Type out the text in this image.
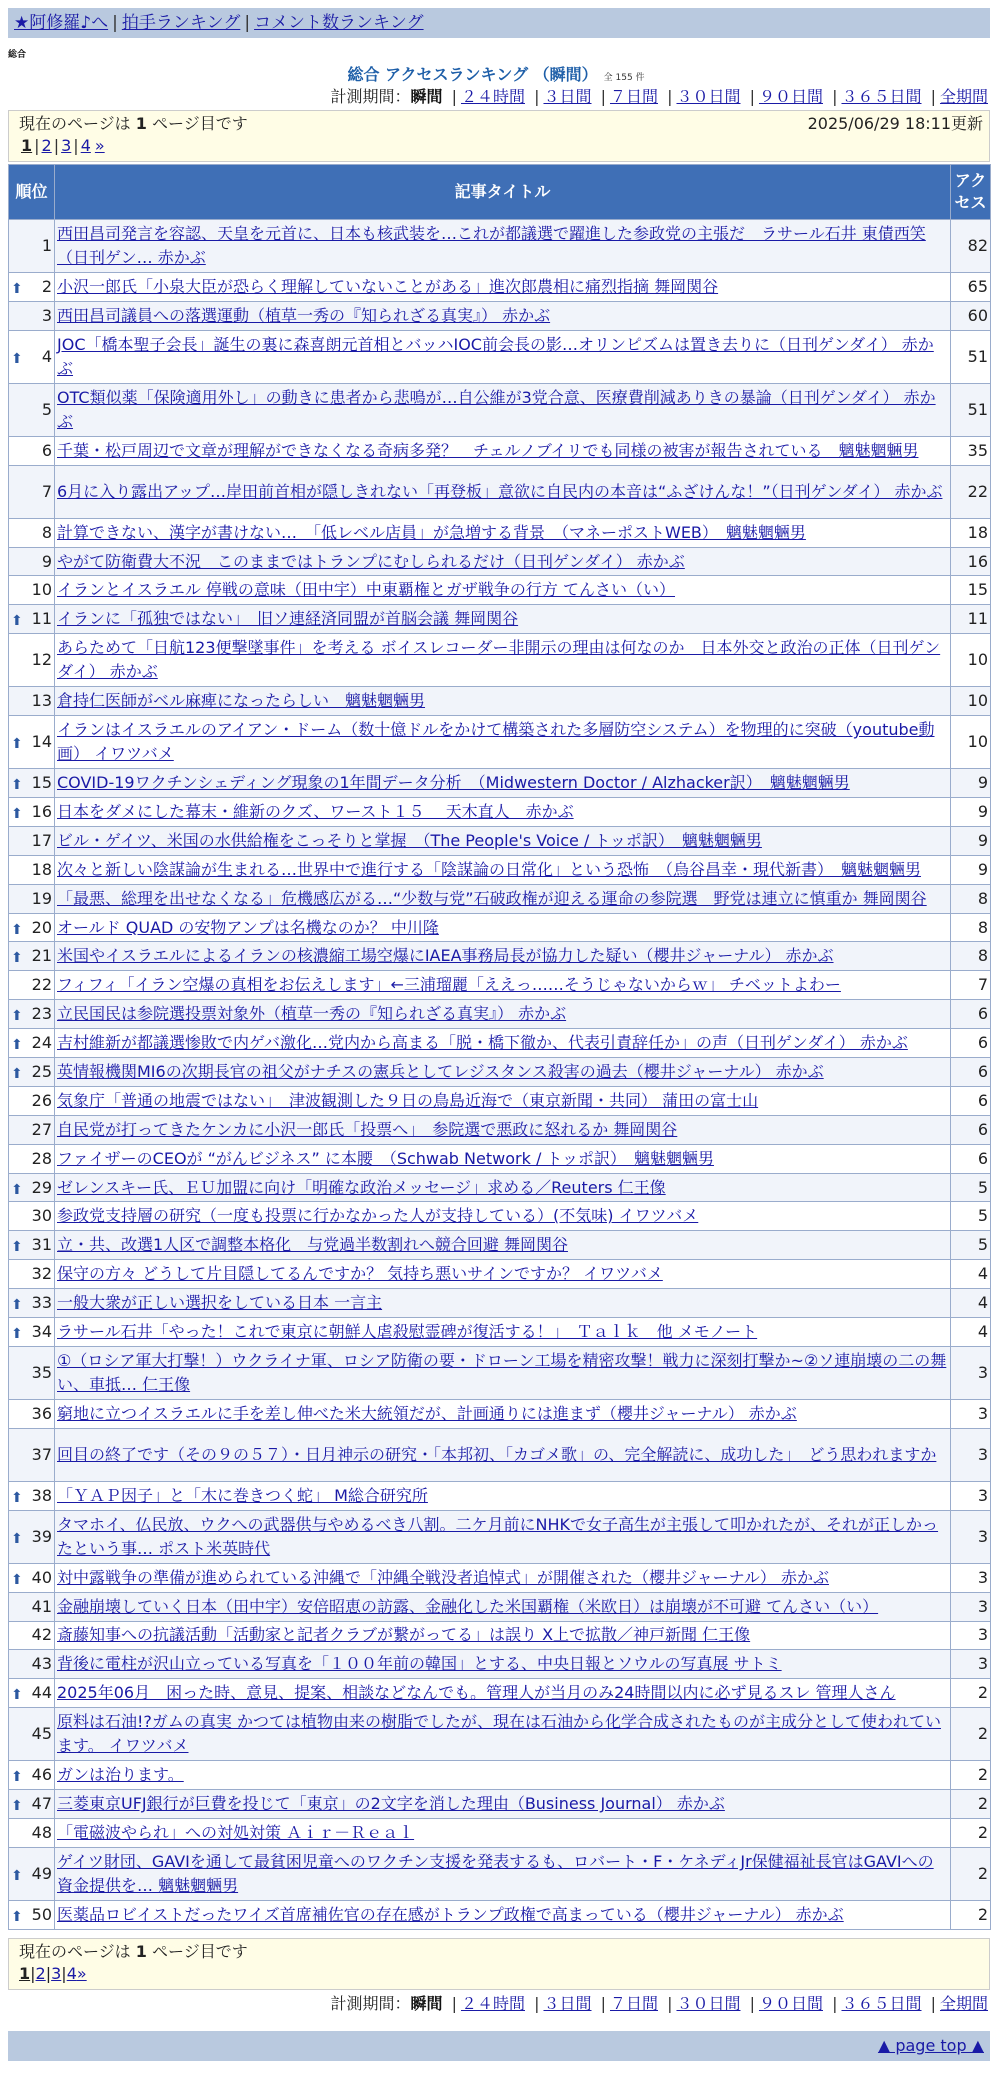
★阿修羅♪へ | 拍手ランキング | コメント数ランキング
総合
総合 アクセスランキング （瞬間） 全 155 件
計測期間：瞬間 | ２４時間 | ３日間 | ７日間 | ３０日間 | ９０日間 | ３６５日間 | 全期間
現在のページは 1 ページ目です	2025/06/29 18:11更新
1 | 2 | 3 | 4 »
順位	記事タイトル	アクセス
1	西田昌司発言を容認、天皇を元首に、日本も核武装を…これが都議選で躍進した参政党の主張だ　ラサール石井 東債西笑（日刊ゲン… 赤かぶ	82

⬆ 2	小沢一郎氏「小泉大臣が恐らく理解していないことがある」進次郎農相に痛烈指摘 舞岡関谷	65
3	西田昌司議員への落選運動（植草一秀の『知られざる真実』） 赤かぶ	60

⬆ 4	JOC「橋本聖子会長」誕生の裏に森喜朗元首相とバッハIOC前会長の影…オリンピズムは置き去りに（日刊ゲンダイ） 赤かぶ	51
5	OTC類似薬「保険適用外し」の動きに患者から悲鳴が…自公維が3党合意、医療費削減ありきの暴論（日刊ゲンダイ） 赤かぶ	51
6	千葉・松戸周辺で文章が理解ができなくなる奇病多発？　チェルノブイリでも同様の被害が報告されている　魑魅魍魎男	35
7	6月に入り露出アップ…岸田前首相が隠しきれない「再登板」意欲に自民内の本音は“ふざけんな！”（日刊ゲンダイ） 赤かぶ	22
8	計算できない、漢字が書けない…　「低レベル店員」が急増する背景　（マネーポストWEB）　魑魅魍魎男	18
9	やがて防衛費大不況　このままではトランプにむしられるだけ（日刊ゲンダイ） 赤かぶ	16
10	イランとイスラエル 停戦の意味（田中宇）中東覇権とガザ戦争の行方 てんさい（い）	15

⬆ 11	イランに「孤独ではない」　旧ソ連経済同盟が首脳会議 舞岡関谷	11
12	あらためて「日航123便撃墜事件」を考える ボイスレコーダー非開示の理由は何なのか　日本外交と政治の正体（日刊ゲンダイ） 赤かぶ	10
13	倉持仁医師がベル麻痺になったらしい　魑魅魍魎男	10

⬆ 14	イランはイスラエルのアイアン・ドーム（数十億ドルをかけて構築された多層防空システム）を物理的に突破（youtube動画） イワツバメ	10

⬆ 15	COVID-19ワクチンシェディング現象の1年間データ分析　（Midwestern Doctor / Alzhacker訳）　魑魅魍魎男	9

⬆ 16	日本をダメにした幕末・維新のクズ、ワースト１５　 天木直人　赤かぶ	9
17	ビル・ゲイツ、米国の水供給権をこっそりと掌握　（The People's Voice / トッポ訳）　魑魅魍魎男	9
18	次々と新しい陰謀論が生まれる…世界中で進行する「陰謀論の日常化」という恐怖　（烏谷昌幸・現代新書）　魑魅魍魎男	9
19	「最悪、総理を出せなくなる」危機感広がる…“少数与党”石破政権が迎える運命の参院選　野党は連立に慎重か 舞岡関谷	8

⬆ 20	オールド QUAD の安物アンプは名機なのか？ 中川隆	8

⬆ 21	米国やイスラエルによるイランの核濃縮工場空爆にIAEA事務局長が協力した疑い（櫻井ジャーナル） 赤かぶ	8
22	フィフィ「イラン空爆の真相をお伝えします」←三浦瑠麗「ええっ……そうじゃないからｗ」 チベットよわー	7

⬆ 23	立民国民は参院選投票対象外（植草一秀の『知られざる真実』） 赤かぶ	6

⬆ 24	吉村維新が都議選惨敗で内ゲバ激化…党内から高まる「脱・橋下徹か、代表引責辞任か」の声（日刊ゲンダイ） 赤かぶ	6

⬆ 25	英情報機関MI6の次期長官の祖父がナチスの憲兵としてレジスタンス殺害の過去（櫻井ジャーナル） 赤かぶ	6
26	気象庁「普通の地震ではない」　津波観測した９日の鳥島近海で（東京新聞・共同） 蒲田の富士山	6
27	自民党が打ってきたケンカに小沢一郎氏「投票へ」　参院選で悪政に怒れるか 舞岡関谷	6
28	ファイザーのCEOが “がんビジネス” に本腰　（Schwab Network / トッポ訳）　魑魅魍魎男	6

⬆ 29	ゼレンスキー氏、ＥＵ加盟に向け「明確な政治メッセージ」求める／Reuters 仁王像	5
30	参政党支持層の研究（一度も投票に行かなかった人が支持している）(不気味) イワツバメ	5

⬆ 31	立・共、改選1人区で調整本格化　与党過半数割れへ競合回避 舞岡関谷	5
32	保守の方々 どうして片目隠してるんですか？ 気持ち悪いサインですか？ イワツバメ	4

⬆ 33	一般大衆が正しい選択をしている日本 一言主	4

⬆ 34	ラサール石井「やった！これで東京に朝鮮人虐殺慰霊碑が復活する！」　Ｔａｌｋ　他 メモノート	4
35	①（ロシア軍大打撃！）ウクライナ軍、ロシア防衛の要・ドローン工場を精密攻撃！戦力に深刻打撃か~②ソ連崩壊の二の舞い、車抵… 仁王像	3
36	窮地に立つイスラエルに手を差し伸べた米大統領だが、計画通りには進まず（櫻井ジャーナル） 赤かぶ	3
37	回目の終了です（その９の５７）・日月神示の研究・「本邦初、「カゴメ歌」の、完全解読に、成功した」　どう思われますか	3

⬆ 38	「ＹＡＰ因子」と「木に巻きつく蛇」 M総合研究所	3

⬆ 39	タマホイ、仏民放、ウクへの武器供与やめるべき八割。二ケ月前にNHKで女子高生が主張して叩かれたが、それが正しかったという事… ポスト米英時代	3

⬆ 40	対中露戦争の準備が進められている沖縄で「沖縄全戦没者追悼式」が開催された（櫻井ジャーナル） 赤かぶ	3
41	金融崩壊していく日本（田中宇）安倍昭恵の訪露、金融化した米国覇権（米欧日）は崩壊が不可避 てんさい（い）	3
42	斎藤知事への抗議活動「活動家と記者クラブが繋がってる」は誤り X上で拡散／神戸新聞 仁王像	3
43	背後に電柱が沢山立っている写真を「１００年前の韓国」とする、中央日報とソウルの写真展 サトミ	3

⬆ 44	2025年06月　困った時、意見、提案、相談などなんでも。管理人が当月のみ24時間以内に必ず見るスレ 管理人さん	2
45	原料は石油!?ガムの真実 かつては植物由来の樹脂でしたが、現在は石油から化学合成されたものが主成分として使われています。 イワツバメ	2

⬆ 46	ガンは治ります。	2

⬆ 47	三菱東京UFJ銀行が巨費を投じて「東京」の2文字を消した理由（Business Journal） 赤かぶ	2
48	「電磁波やられ」への対処対策 Ａｉｒ－Ｒｅａｌ	2

⬆ 49	ゲイツ財団、GAVIを通して最貧困児童へのワクチン支援を発表するも、ロバート・F・ケネディJr保健福祉長官はGAVIへの資金提供を… 魑魅魍魎男	2

⬆ 50	医薬品ロビイストだったワイズ首席補佐官の存在感がトランプ政権で高まっている（櫻井ジャーナル） 赤かぶ	2
現在のページは 1 ページ目です
1|2|3|4»
計測期間：瞬間 | ２４時間 | ３日間 | ７日間 | ３０日間 | ９０日間 | ３６５日間 | 全期間
▲ page top ▲
